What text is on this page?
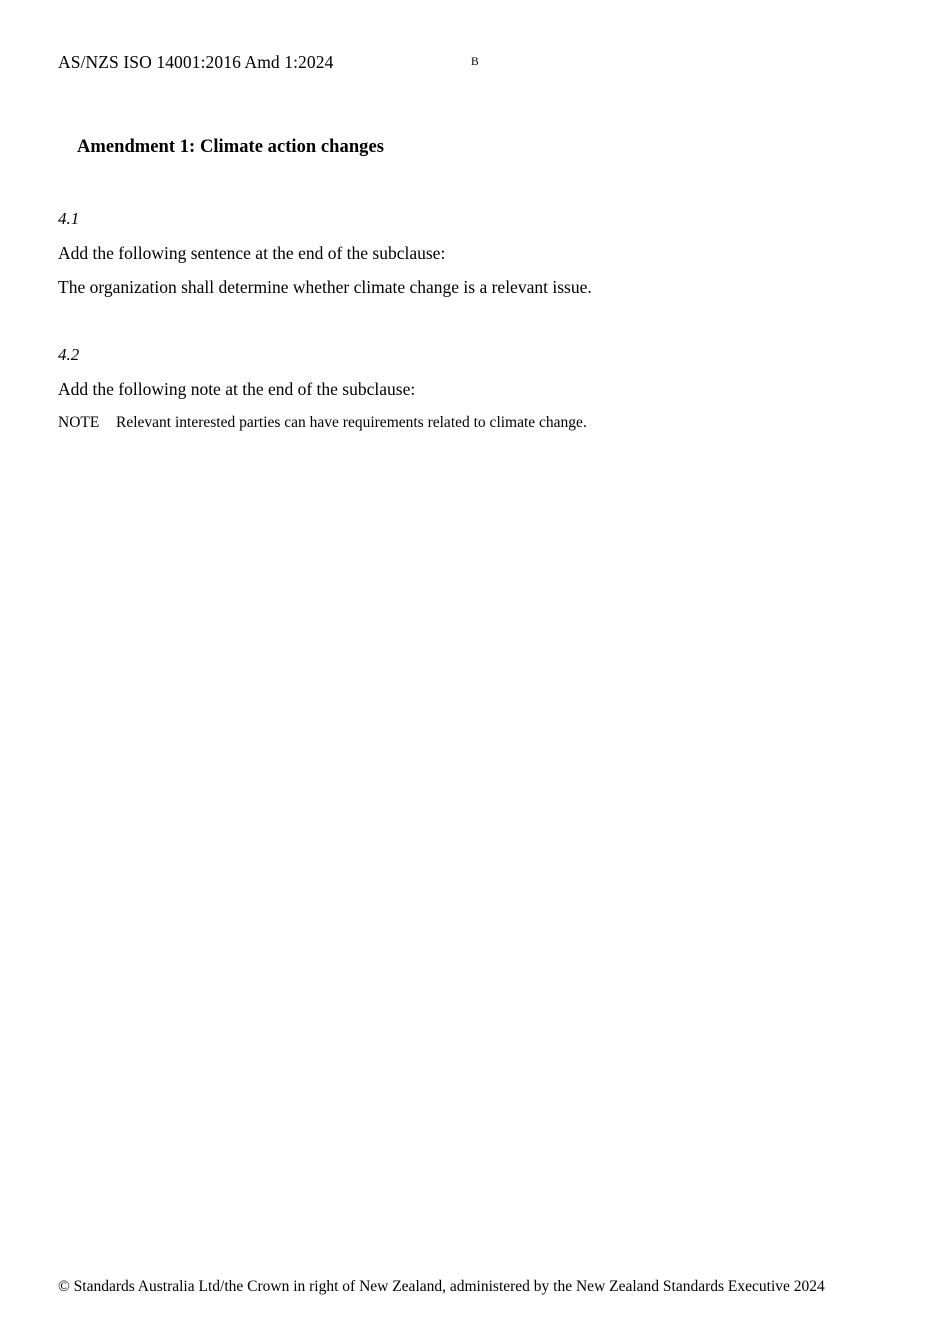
AS/NZS ISO 14001:2016 Amd 1:2024	B
Amendment 1: Climate action changes
4.1
Add the following sentence at the end of the subclause:
The organization shall determine whether climate change is a relevant issue.
4.2
Add the following note at the end of the subclause:
NOTE Relevant interested parties can have requirements related to climate change.
© Standards Australia Ltd/the Crown in right of New Zealand, administered by the New Zealand Standards Executive 2024
